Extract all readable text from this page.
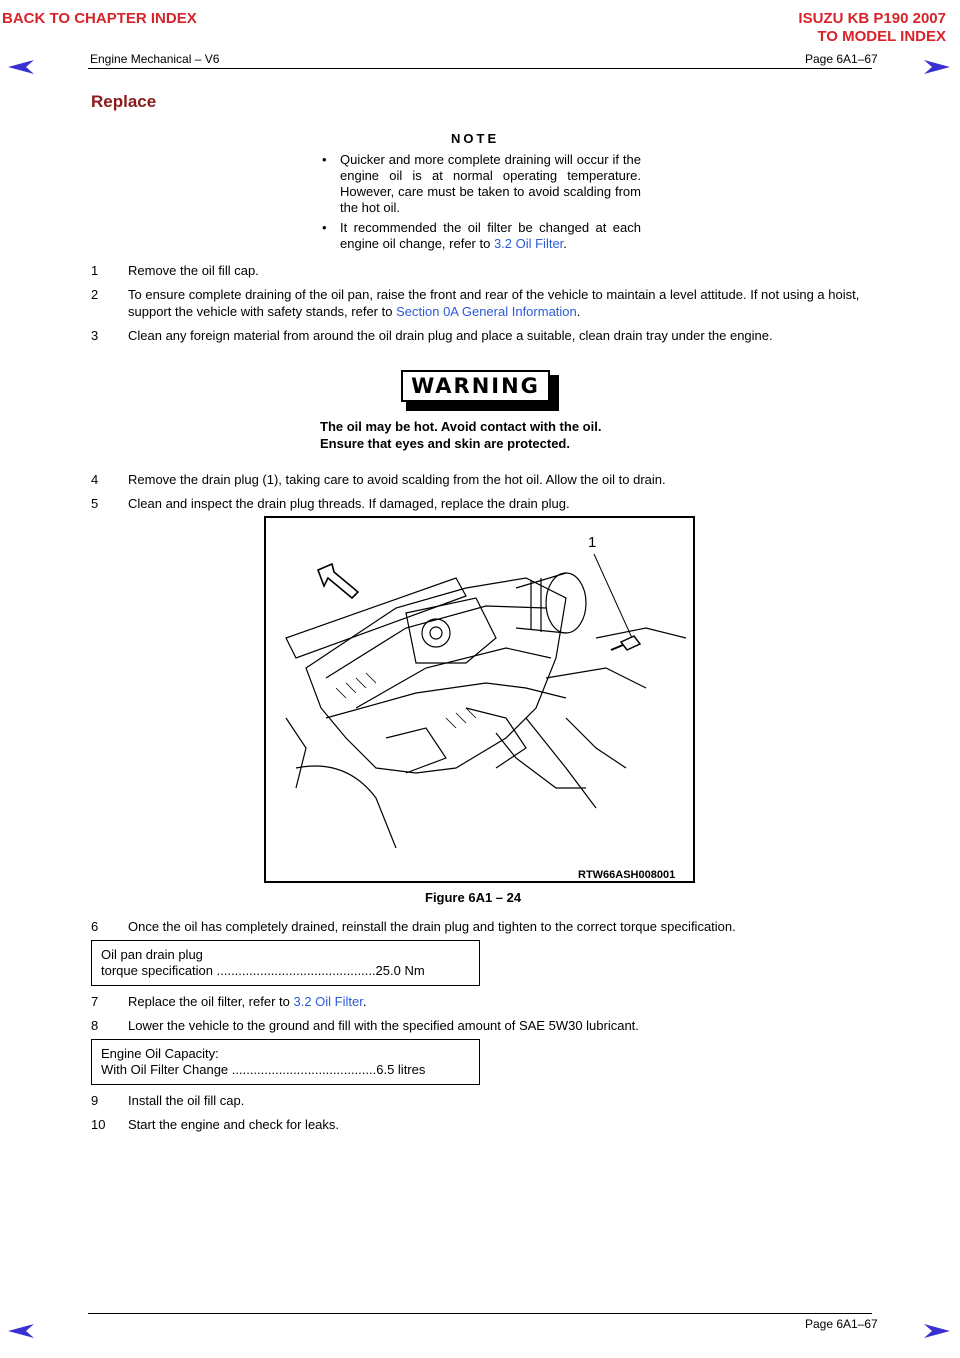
BACK TO CHAPTER INDEX	ISUZU KB P190 2007
TO MODEL INDEX
Engine Mechanical – V6	Page 6A1–67
Replace
NOTE
• Quicker and more complete draining will occur if the engine oil is at normal operating temperature. However, care must be taken to avoid scalding from the hot oil.
• It recommended the oil filter be changed at each engine oil change, refer to 3.2 Oil Filter.
1 Remove the oil fill cap.
2 To ensure complete draining of the oil pan, raise the front and rear of the vehicle to maintain a level attitude. If not using a hoist, support the vehicle with safety stands, refer to Section 0A General Information.
3 Clean any foreign material from around the oil drain plug and place a suitable, clean drain tray under the engine.
WARNING
The oil may be hot. Avoid contact with the oil.
Ensure that eyes and skin are protected.
4 Remove the drain plug (1), taking care to avoid scalding from the hot oil. Allow the oil to drain.
5 Clean and inspect the drain plug threads. If damaged, replace the drain plug.
1
RTW66ASH008001
Figure 6A1 – 24
6 Once the oil has completely drained, reinstall the drain plug and tighten to the correct torque specification.
Oil pan drain plug
torque specification ............................................25.0 Nm
7 Replace the oil filter, refer to 3.2 Oil Filter.
8 Lower the vehicle to the ground and fill with the specified amount of SAE 5W30 lubricant.
Engine Oil Capacity:
With Oil Filter Change ........................................6.5 litres
9 Install the oil fill cap.
10 Start the engine and check for leaks.
Page 6A1–67
